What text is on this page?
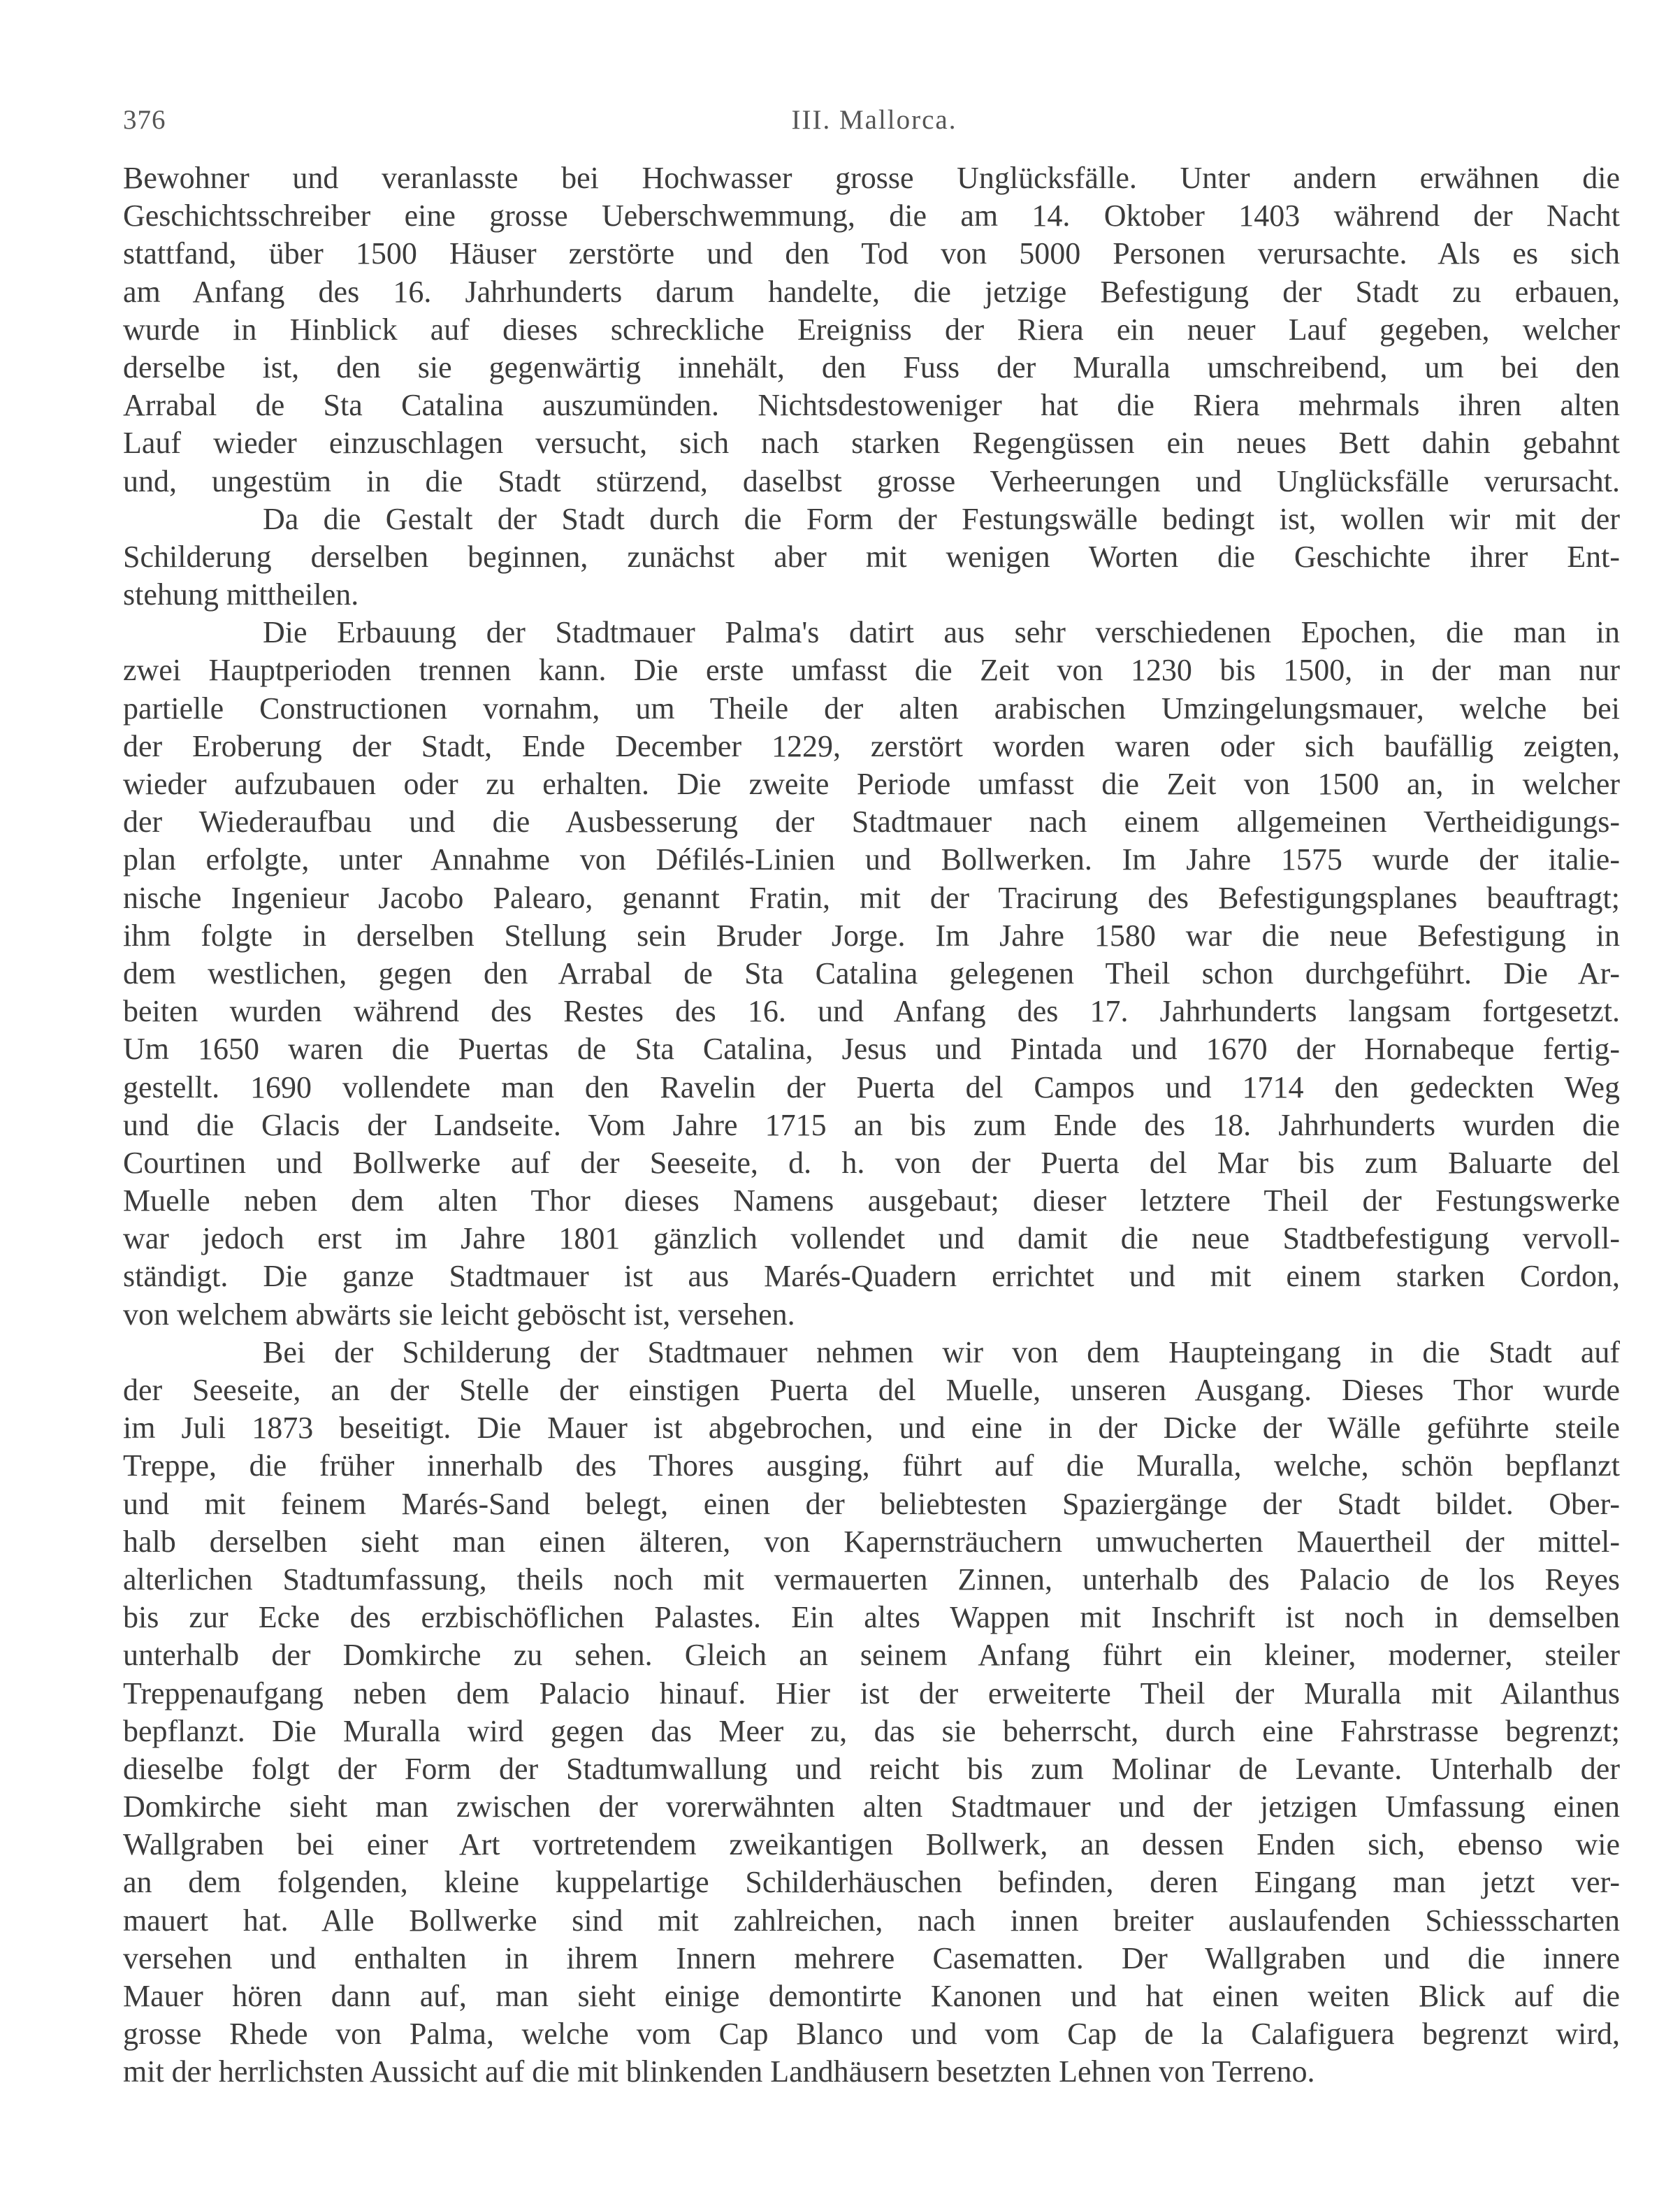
376	III. Mallorca.
Bewohner und veranlasste bei Hochwasser grosse Unglücksfälle. Unter andern erwähnen die
Geschichtsschreiber eine grosse Ueberschwemmung, die am 14. Oktober 1403 während der Nacht
stattfand, über 1500 Häuser zerstörte und den Tod von 5000 Personen verursachte. Als es sich
am Anfang des 16. Jahrhunderts darum handelte, die jetzige Befestigung der Stadt zu erbauen,
wurde in Hinblick auf dieses schreckliche Ereigniss der Riera ein neuer Lauf gegeben, welcher
derselbe ist, den sie gegenwärtig innehält, den Fuss der Muralla umschreibend, um bei den
Arrabal de Sta Catalina auszumünden. Nichtsdestoweniger hat die Riera mehrmals ihren alten
Lauf wieder einzuschlagen versucht, sich nach starken Regengüssen ein neues Bett dahin gebahnt
und, ungestüm in die Stadt stürzend, daselbst grosse Verheerungen und Unglücksfälle verursacht.
Da die Gestalt der Stadt durch die Form der Festungswälle bedingt ist, wollen wir mit der
Schilderung derselben beginnen, zunächst aber mit wenigen Worten die Geschichte ihrer Ent-
stehung mittheilen.
Die Erbauung der Stadtmauer Palma's datirt aus sehr verschiedenen Epochen, die man in
zwei Hauptperioden trennen kann. Die erste umfasst die Zeit von 1230 bis 1500, in der man nur
partielle Constructionen vornahm, um Theile der alten arabischen Umzingelungsmauer, welche bei
der Eroberung der Stadt, Ende December 1229, zerstört worden waren oder sich baufällig zeigten,
wieder aufzubauen oder zu erhalten. Die zweite Periode umfasst die Zeit von 1500 an, in welcher
der Wiederaufbau und die Ausbesserung der Stadtmauer nach einem allgemeinen Vertheidigungs-
plan erfolgte, unter Annahme von Défilés-Linien und Bollwerken. Im Jahre 1575 wurde der italie-
nische Ingenieur Jacobo Palearo, genannt Fratin, mit der Tracirung des Befestigungsplanes beauftragt;
ihm folgte in derselben Stellung sein Bruder Jorge. Im Jahre 1580 war die neue Befestigung in
dem westlichen, gegen den Arrabal de Sta Catalina gelegenen Theil schon durchgeführt. Die Ar-
beiten wurden während des Restes des 16. und Anfang des 17. Jahrhunderts langsam fortgesetzt.
Um 1650 waren die Puertas de Sta Catalina, Jesus und Pintada und 1670 der Hornabeque fertig-
gestellt. 1690 vollendete man den Ravelin der Puerta del Campos und 1714 den gedeckten Weg
und die Glacis der Landseite. Vom Jahre 1715 an bis zum Ende des 18. Jahrhunderts wurden die
Courtinen und Bollwerke auf der Seeseite, d. h. von der Puerta del Mar bis zum Baluarte del
Muelle neben dem alten Thor dieses Namens ausgebaut; dieser letztere Theil der Festungswerke
war jedoch erst im Jahre 1801 gänzlich vollendet und damit die neue Stadtbefestigung vervoll-
ständigt. Die ganze Stadtmauer ist aus Marés-Quadern errichtet und mit einem starken Cordon,
von welchem abwärts sie leicht geböscht ist, versehen.
Bei der Schilderung der Stadtmauer nehmen wir von dem Haupteingang in die Stadt auf
der Seeseite, an der Stelle der einstigen Puerta del Muelle, unseren Ausgang. Dieses Thor wurde
im Juli 1873 beseitigt. Die Mauer ist abgebrochen, und eine in der Dicke der Wälle geführte steile
Treppe, die früher innerhalb des Thores ausging, führt auf die Muralla, welche, schön bepflanzt
und mit feinem Marés-Sand belegt, einen der beliebtesten Spaziergänge der Stadt bildet. Ober-
halb derselben sieht man einen älteren, von Kapernsträuchern umwucherten Mauertheil der mittel-
alterlichen Stadtumfassung, theils noch mit vermauerten Zinnen, unterhalb des Palacio de los Reyes
bis zur Ecke des erzbischöflichen Palastes. Ein altes Wappen mit Inschrift ist noch in demselben
unterhalb der Domkirche zu sehen. Gleich an seinem Anfang führt ein kleiner, moderner, steiler
Treppenaufgang neben dem Palacio hinauf. Hier ist der erweiterte Theil der Muralla mit Ailanthus
bepflanzt. Die Muralla wird gegen das Meer zu, das sie beherrscht, durch eine Fahrstrasse begrenzt;
dieselbe folgt der Form der Stadtumwallung und reicht bis zum Molinar de Levante. Unterhalb der
Domkirche sieht man zwischen der vorerwähnten alten Stadtmauer und der jetzigen Umfassung einen
Wallgraben bei einer Art vortretendem zweikantigen Bollwerk, an dessen Enden sich, ebenso wie
an dem folgenden, kleine kuppelartige Schilderhäuschen befinden, deren Eingang man jetzt ver-
mauert hat. Alle Bollwerke sind mit zahlreichen, nach innen breiter auslaufenden Schiessscharten
versehen und enthalten in ihrem Innern mehrere Casematten. Der Wallgraben und die innere
Mauer hören dann auf, man sieht einige demontirte Kanonen und hat einen weiten Blick auf die
grosse Rhede von Palma, welche vom Cap Blanco und vom Cap de la Calafiguera begrenzt wird,
mit der herrlichsten Aussicht auf die mit blinkenden Landhäusern besetzten Lehnen von Terreno.
